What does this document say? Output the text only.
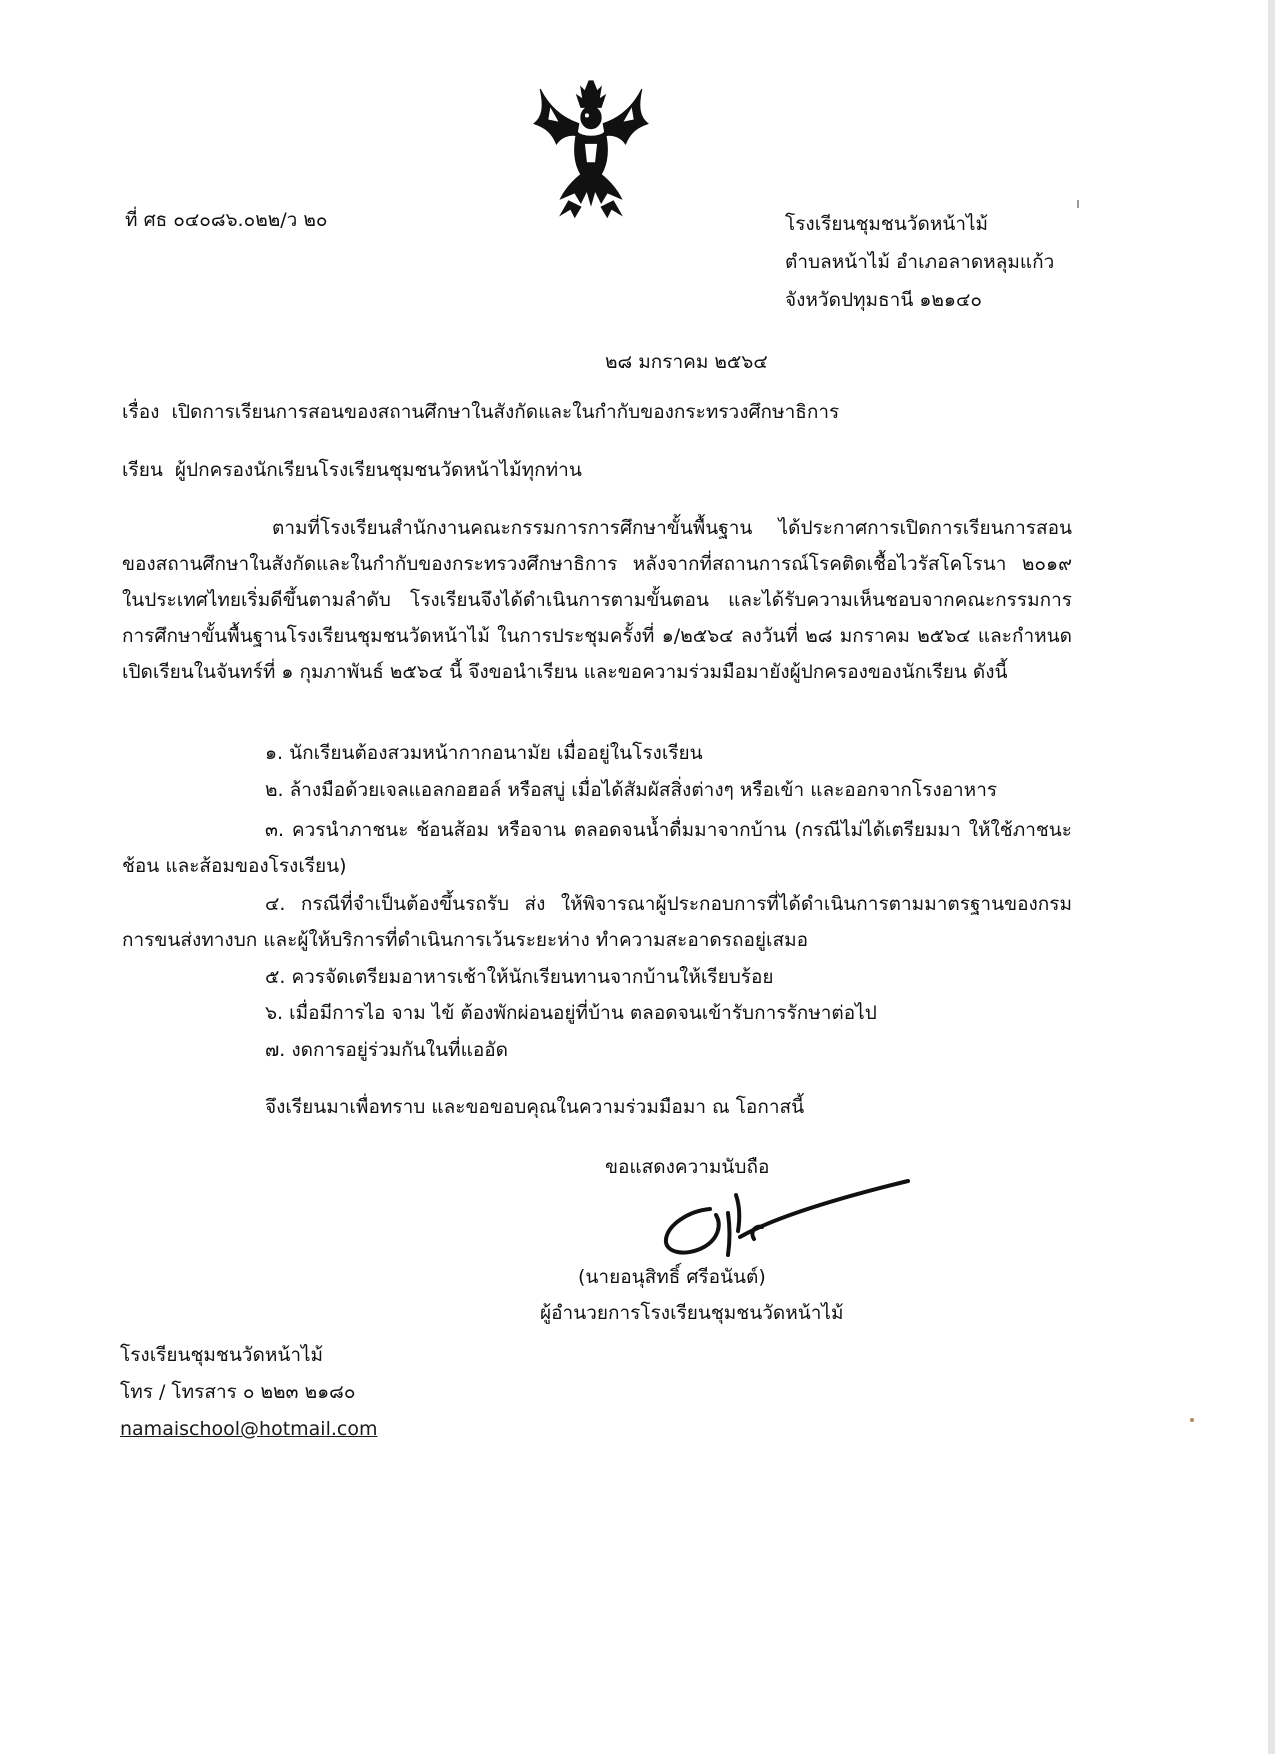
ที่ ศธ ๐๔๐๘๖.๐๒๒/ว ๒๐	โรงเรียนชุมชนวัดหน้าไม้
ตำบลหน้าไม้ อำเภอลาดหลุมแก้ว
จังหวัดปทุมธานี ๑๒๑๔๐
๒๘ มกราคม ๒๕๖๔
เรื่อง เปิดการเรียนการสอนของสถานศึกษาในสังกัดและในกำกับของกระทรวงศึกษาธิการ
เรียน ผู้ปกครองนักเรียนโรงเรียนชุมชนวัดหน้าไม้ทุกท่าน
ตามที่โรงเรียนสำนักงานคณะกรรมการการศึกษาขั้นพื้นฐาน ได้ประกาศการเปิดการเรียนการสอนของสถานศึกษาในสังกัดและในกำกับของกระทรวงศึกษาธิการ หลังจากที่สถานการณ์โรคติดเชื้อไวรัสโคโรนา ๒๐๑๙ ในประเทศไทยเริ่มดีขึ้นตามลำดับ โรงเรียนจึงได้ดำเนินการตามขั้นตอน และได้รับความเห็นชอบจากคณะกรรมการการศึกษาขั้นพื้นฐานโรงเรียนชุมชนวัดหน้าไม้ ในการประชุมครั้งที่ ๑/๒๕๖๔ ลงวันที่ ๒๘ มกราคม ๒๕๖๔ และกำหนดเปิดเรียนในจันทร์ที่ ๑ กุมภาพันธ์ ๒๕๖๔ นี้ จึงขอนำเรียน และขอความร่วมมือมายังผู้ปกครองของนักเรียน ดังนี้
๑. นักเรียนต้องสวมหน้ากากอนามัย เมื่ออยู่ในโรงเรียน
๒. ล้างมือด้วยเจลแอลกอฮอล์ หรือสบู่ เมื่อได้สัมผัสสิ่งต่างๆ หรือเข้า และออกจากโรงอาหาร
๓. ควรนำภาชนะ ช้อนส้อม หรือจาน ตลอดจนน้ำดื่มมาจากบ้าน (กรณีไม่ได้เตรียมมา ให้ใช้ภาชนะ ช้อน และส้อมของโรงเรียน)
๔. กรณีที่จำเป็นต้องขึ้นรถรับ ส่ง ให้พิจารณาผู้ประกอบการที่ได้ดำเนินการตามมาตรฐานของกรมการขนส่งทางบก และผู้ให้บริการที่ดำเนินการเว้นระยะห่าง ทำความสะอาดรถอยู่เสมอ
๕. ควรจัดเตรียมอาหารเช้าให้นักเรียนทานจากบ้านให้เรียบร้อย
๖. เมื่อมีการไอ จาม ไข้ ต้องพักผ่อนอยู่ที่บ้าน ตลอดจนเข้ารับการรักษาต่อไป
๗. งดการอยู่ร่วมกันในที่แออัด
จึงเรียนมาเพื่อทราบ และขอขอบคุณในความร่วมมือมา ณ โอกาสนี้
ขอแสดงความนับถือ
(นายอนุสิทธิ์ ศรีอนันต์)
ผู้อำนวยการโรงเรียนชุมชนวัดหน้าไม้
โรงเรียนชุมชนวัดหน้าไม้
โทร / โทรสาร ๐ ๒๒๓ ๒๑๘๐
namaischool@hotmail.com
